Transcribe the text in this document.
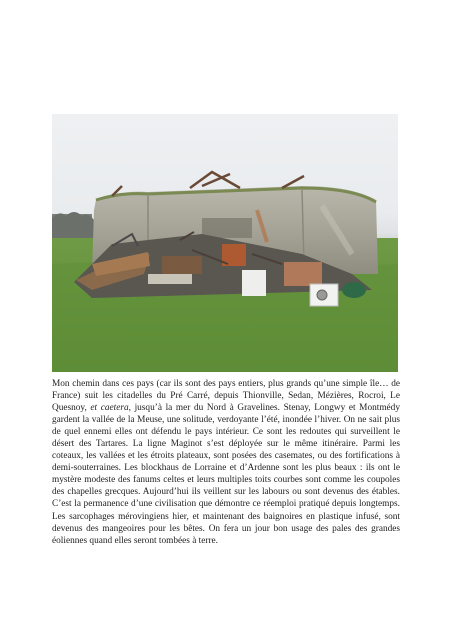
Mon chemin dans ces pays (car ils sont des pays entiers, plus grands qu’une simple île… de France) suit les citadelles du Pré Carré, depuis Thionville, Sedan, Mézières, Rocroi, Le Quesnoy, et caetera, jusqu’à la mer du Nord à Gravelines. Stenay, Longwy et Montmédy gardent la vallée de la Meuse, une solitude, verdoyante l’été, inondée l’hiver. On ne sait plus de quel ennemi elles ont défendu le pays intérieur. Ce sont les redoutes qui surveillent le désert des Tartares. La ligne Maginot s’est déployée sur le même itinéraire. Parmi les coteaux, les vallées et les étroits plateaux, sont posées des casemates, ou des fortifications à demi-souterraines. Les blockhaus de Lorraine et d’Ardenne sont les plus beaux : ils ont le mystère modeste des fanums celtes et leurs multiples toits courbes sont comme les coupoles des chapelles grecques. Aujourd’hui ils veillent sur les labours ou sont devenus des étables. C’est la permanence d’une civilisation que démontre ce réemploi pratiqué depuis longtemps. Les sarcophages mérovingiens hier, et maintenant des baignoires en plastique infusé, sont devenus des mangeoires pour les bêtes. On fera un jour bon usage des pales des grandes éoliennes quand elles seront tombées à terre.
